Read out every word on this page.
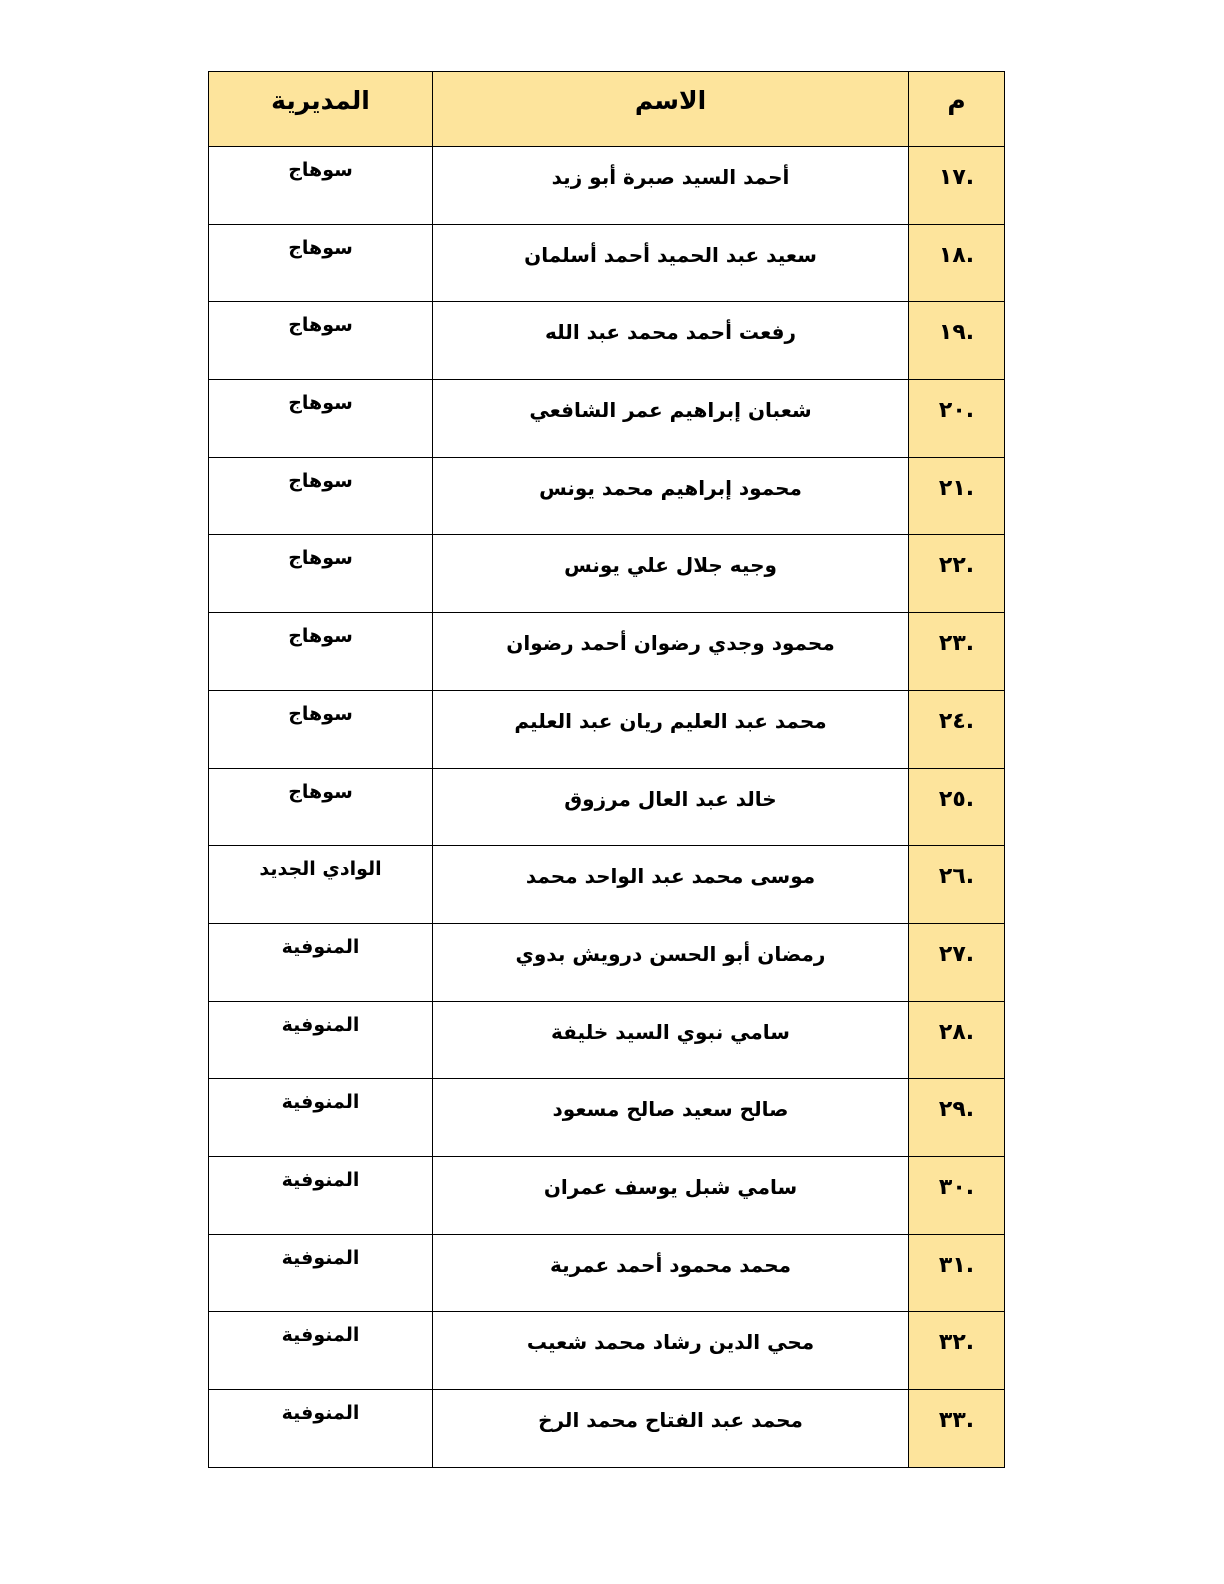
م	الاسم	المديرية
.١٧	أحمد السيد صبرة أبو زيد	سوهاج
.١٨	سعيد عبد الحميد أحمد أسلمان	سوهاج
.١٩	رفعت أحمد محمد عبد الله	سوهاج
.٢٠	شعبان إبراهيم عمر الشافعي	سوهاج
.٢١	محمود إبراهيم محمد يونس	سوهاج
.٢٢	وجيه جلال علي يونس	سوهاج
.٢٣	محمود وجدي رضوان أحمد رضوان	سوهاج
.٢٤	محمد عبد العليم ريان عبد العليم	سوهاج
.٢٥	خالد عبد العال مرزوق	سوهاج
.٢٦	موسى محمد عبد الواحد محمد	الوادي الجديد
.٢٧	رمضان أبو الحسن درويش بدوي	المنوفية
.٢٨	سامي نبوي السيد خليفة	المنوفية
.٢٩	صالح سعيد صالح مسعود	المنوفية
.٣٠	سامي شبل يوسف عمران	المنوفية
.٣١	محمد محمود أحمد عمرية	المنوفية
.٣٢	محي الدين رشاد محمد شعيب	المنوفية
.٣٣	محمد عبد الفتاح محمد الرخ	المنوفية
